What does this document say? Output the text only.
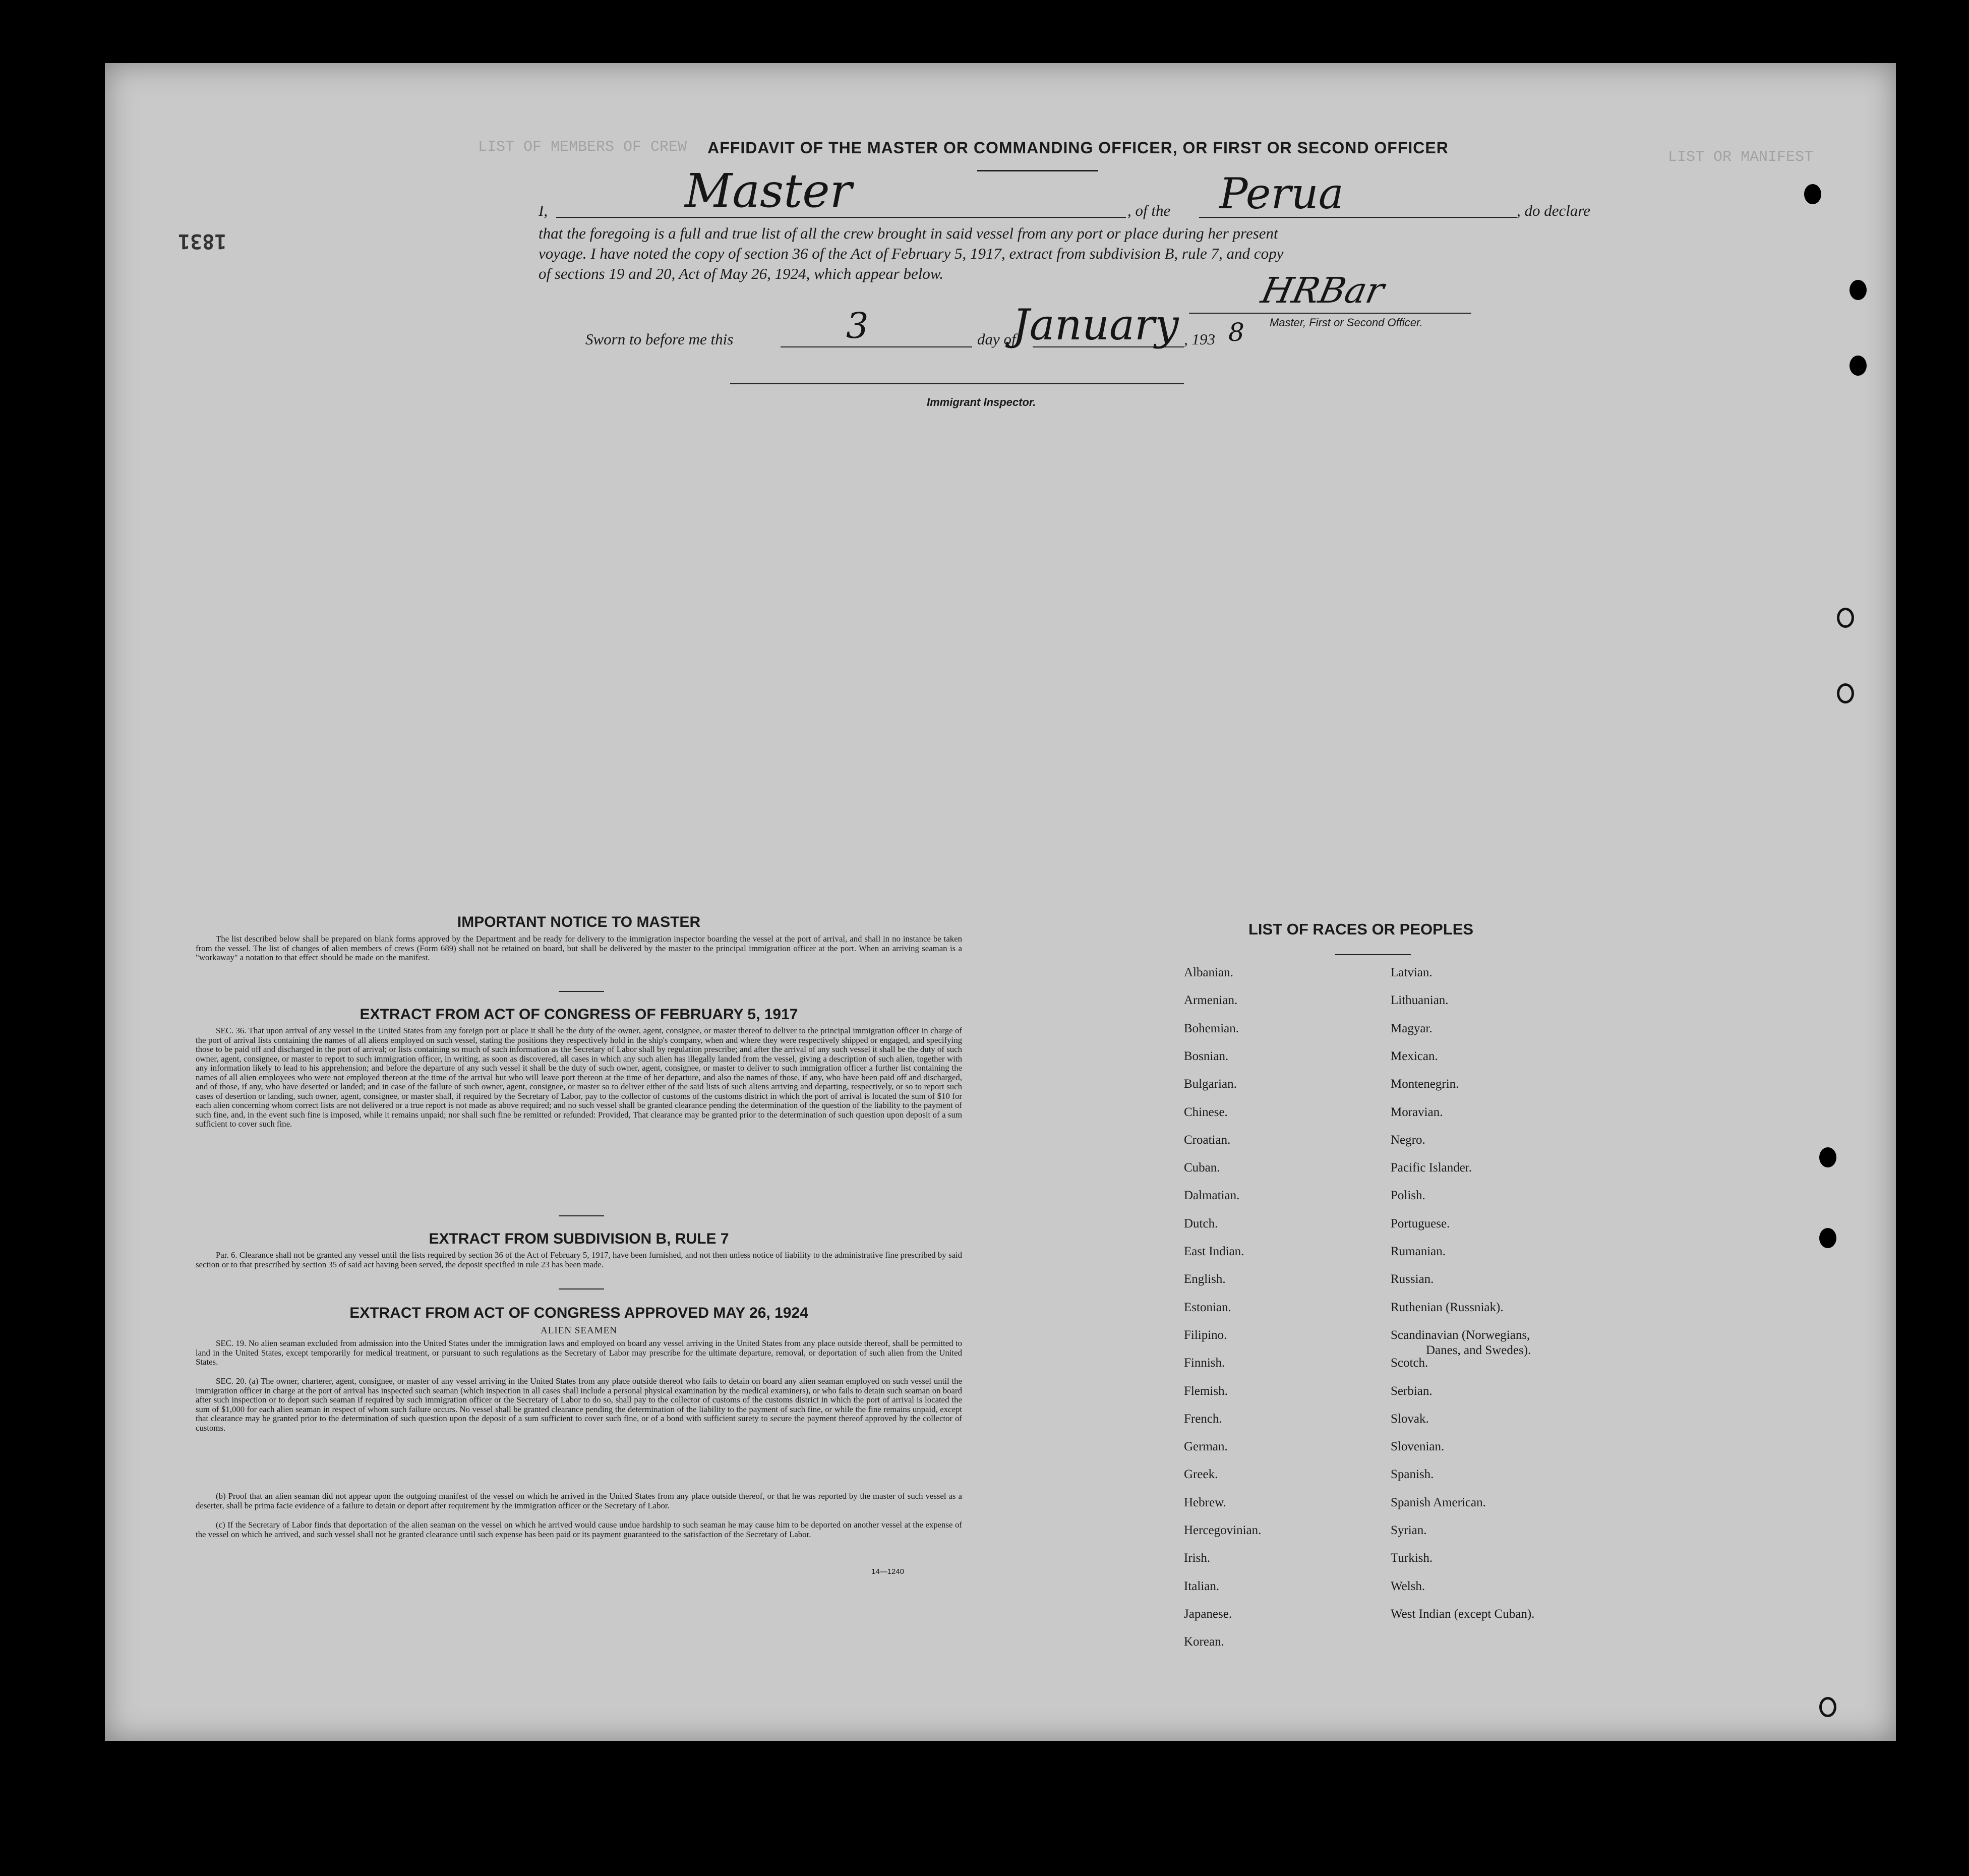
LIST OF MEMBERS OF CREW
LIST OR MANIFEST
1831
AFFIDAVIT OF THE MASTER OR COMMANDING OFFICER, OR FIRST OR SECOND OFFICER
I,	Master	, of the Perua	, do declare
that the foregoing is a full and true list of all the crew brought in said vessel from any port or place during her present
voyage. I have noted the copy of section 36 of the Act of February 5, 1917, extract from subdivision B, rule 7, and copy
of sections 19 and 20, Act of May 26, 1924, which appear below.	HRBar
Master, First or Second Officer.
Sworn to before me this	3	day of
January , 193 8
Immigrant Inspector.
IMPORTANT NOTICE TO MASTER
The list described below shall be prepared on blank forms approved by the Department and be ready for delivery to the immigration inspector boarding the vessel at the port of arrival, and shall in no instance be taken from the vessel. The list of changes of alien members of crews (Form 689) shall not be retained on board, but shall be delivered by the master to the principal immigration officer at the port. When an arriving seaman is a "workaway" a notation to that effect should be made on the manifest.
EXTRACT FROM ACT OF CONGRESS OF FEBRUARY 5, 1917
SEC. 36. That upon arrival of any vessel in the United States from any foreign port or place it shall be the duty of the owner, agent, consignee, or master thereof to deliver to the principal immigration officer in charge of the port of arrival lists containing the names of all aliens employed on such vessel, stating the positions they respectively hold in the ship's company, when and where they were respectively shipped or engaged, and specifying those to be paid off and discharged in the port of arrival; or lists containing so much of such information as the Secretary of Labor shall by regulation prescribe; and after the arrival of any such vessel it shall be the duty of such owner, agent, consignee, or master to report to such immigration officer, in writing, as soon as discovered, all cases in which any such alien has illegally landed from the vessel, giving a description of such alien, together with any information likely to lead to his apprehension; and before the departure of any such vessel it shall be the duty of such owner, agent, consignee, or master to deliver to such immigration officer a further list containing the names of all alien employees who were not employed thereon at the time of the arrival but who will leave port thereon at the time of her departure, and also the names of those, if any, who have been paid off and discharged, and of those, if any, who have deserted or landed; and in case of the failure of such owner, agent, consignee, or master so to deliver either of the said lists of such aliens arriving and departing, respectively, or so to report such cases of desertion or landing, such owner, agent, consignee, or master shall, if required by the Secretary of Labor, pay to the collector of customs of the customs district in which the port of arrival is located the sum of $10 for each alien concerning whom correct lists are not delivered or a true report is not made as above required; and no such vessel shall be granted clearance pending the determination of the question of the liability to the payment of such fine, and, in the event such fine is imposed, while it remains unpaid; nor shall such fine be remitted or refunded: Provided, That clearance may be granted prior to the determination of such question upon deposit of a sum sufficient to cover such fine.
EXTRACT FROM SUBDIVISION B, RULE 7
Par. 6. Clearance shall not be granted any vessel until the lists required by section 36 of the Act of February 5, 1917, have been furnished, and not then unless notice of liability to the administrative fine prescribed by said section or to that prescribed by section 35 of said act having been served, the deposit specified in rule 23 has been made.
EXTRACT FROM ACT OF CONGRESS APPROVED MAY 26, 1924
ALIEN SEAMEN
SEC. 19. No alien seaman excluded from admission into the United States under the immigration laws and employed on board any vessel arriving in the United States from any place outside thereof, shall be permitted to land in the United States, except temporarily for medical treatment, or pursuant to such regulations as the Secretary of Labor may prescribe for the ultimate departure, removal, or deportation of such alien from the United States.
SEC. 20. (a) The owner, charterer, agent, consignee, or master of any vessel arriving in the United States from any place outside thereof who fails to detain on board any alien seaman employed on such vessel until the immigration officer in charge at the port of arrival has inspected such seaman (which inspection in all cases shall include a personal physical examination by the medical examiners), or who fails to detain such seaman on board after such inspection or to deport such seaman if required by such immigration officer or the Secretary of Labor to do so, shall pay to the collector of customs of the customs district in which the port of arrival is located the sum of $1,000 for each alien seaman in respect of whom such failure occurs. No vessel shall be granted clearance pending the determination of the liability to the payment of such fine, or while the fine remains unpaid, except that clearance may be granted prior to the determination of such question upon the deposit of a sum sufficient to cover such fine, or of a bond with sufficient surety to secure the payment thereof approved by the collector of customs.
(b) Proof that an alien seaman did not appear upon the outgoing manifest of the vessel on which he arrived in the United States from any place outside thereof, or that he was reported by the master of such vessel as a deserter, shall be prima facie evidence of a failure to detain or deport after requirement by the immigration officer or the Secretary of Labor.
(c) If the Secretary of Labor finds that deportation of the alien seaman on the vessel on which he arrived would cause undue hardship to such seaman he may cause him to be deported on another vessel at the expense of the vessel on which he arrived, and such vessel shall not be granted clearance until such expense has been paid or its payment guaranteed to the satisfaction of the Secretary of Labor.
14—1240
LIST OF RACES OR PEOPLES
Albanian.
Armenian.
Bohemian.
Bosnian.
Bulgarian.
Chinese.
Croatian.
Cuban.
Dalmatian.
Dutch.
East Indian.
English.
Estonian.
Filipino.
Finnish.
Flemish.
French.
German.
Greek.
Hebrew.
Hercegovinian.
Irish.
Italian.
Japanese.
Korean.
Latvian.
Lithuanian.
Magyar.
Mexican.
Montenegrin.
Moravian.
Negro.
Pacific Islander.
Polish.
Portuguese.
Rumanian.
Russian.
Ruthenian (Russniak).
Scandinavian (Norwegians,
Danes, and Swedes).
Scotch.
Serbian.
Slovak.
Slovenian.
Spanish.
Spanish American.
Syrian.
Turkish.
Welsh.
West Indian (except Cuban).
